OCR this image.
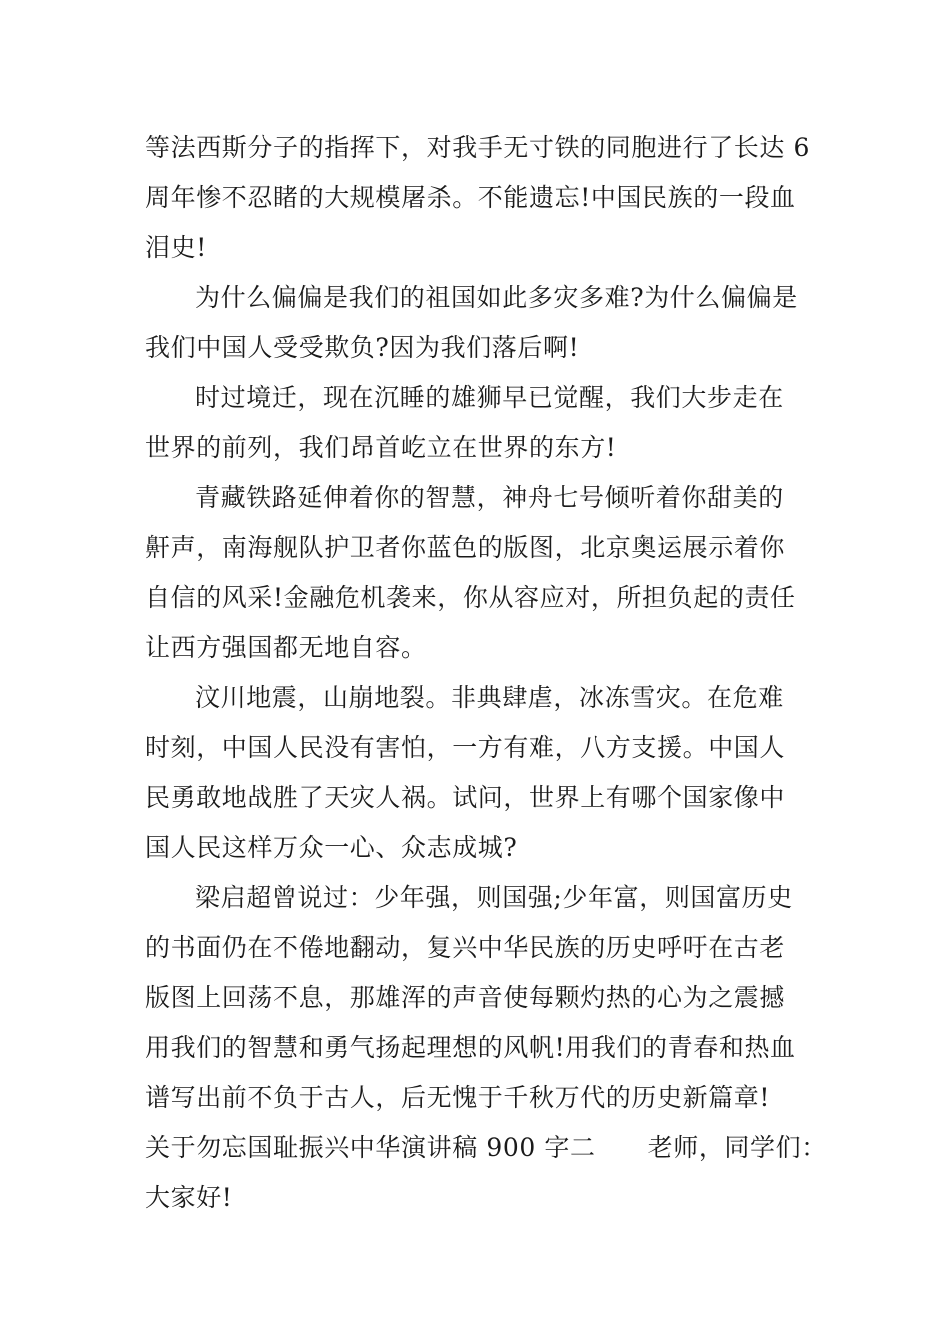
等法西斯分子的指挥下，对我手无寸铁的同胞进行了长达 6
周年惨不忍睹的大规模屠杀。不能遗忘!中国民族的一段血
泪史!
为什么偏偏是我们的祖国如此多灾多难?为什么偏偏是
我们中国人受受欺负?因为我们落后啊!
时过境迁，现在沉睡的雄狮早已觉醒，我们大步走在
世界的前列，我们昂首屹立在世界的东方!
青藏铁路延伸着你的智慧，神舟七号倾听着你甜美的
鼾声，南海舰队护卫者你蓝色的版图，北京奥运展示着你
自信的风采!金融危机袭来，你从容应对，所担负起的责任
让西方强国都无地自容。
汶川地震，山崩地裂。非典肆虐，冰冻雪灾。在危难
时刻，中国人民没有害怕，一方有难，八方支援。中国人
民勇敢地战胜了天灾人祸。试问，世界上有哪个国家像中
国人民这样万众一心、众志成城?
梁启超曾说过：少年强，则国强;少年富，则国富历史
的书面仍在不倦地翻动，复兴中华民族的历史呼吁在古老
版图上回荡不息，那雄浑的声音使每颗灼热的心为之震撼
用我们的智慧和勇气扬起理想的风帆!用我们的青春和热血
谱写出前不负于古人，后无愧于千秋万代的历史新篇章!
关于勿忘国耻振兴中华演讲稿 900 字二 老师，同学们：
大家好!
